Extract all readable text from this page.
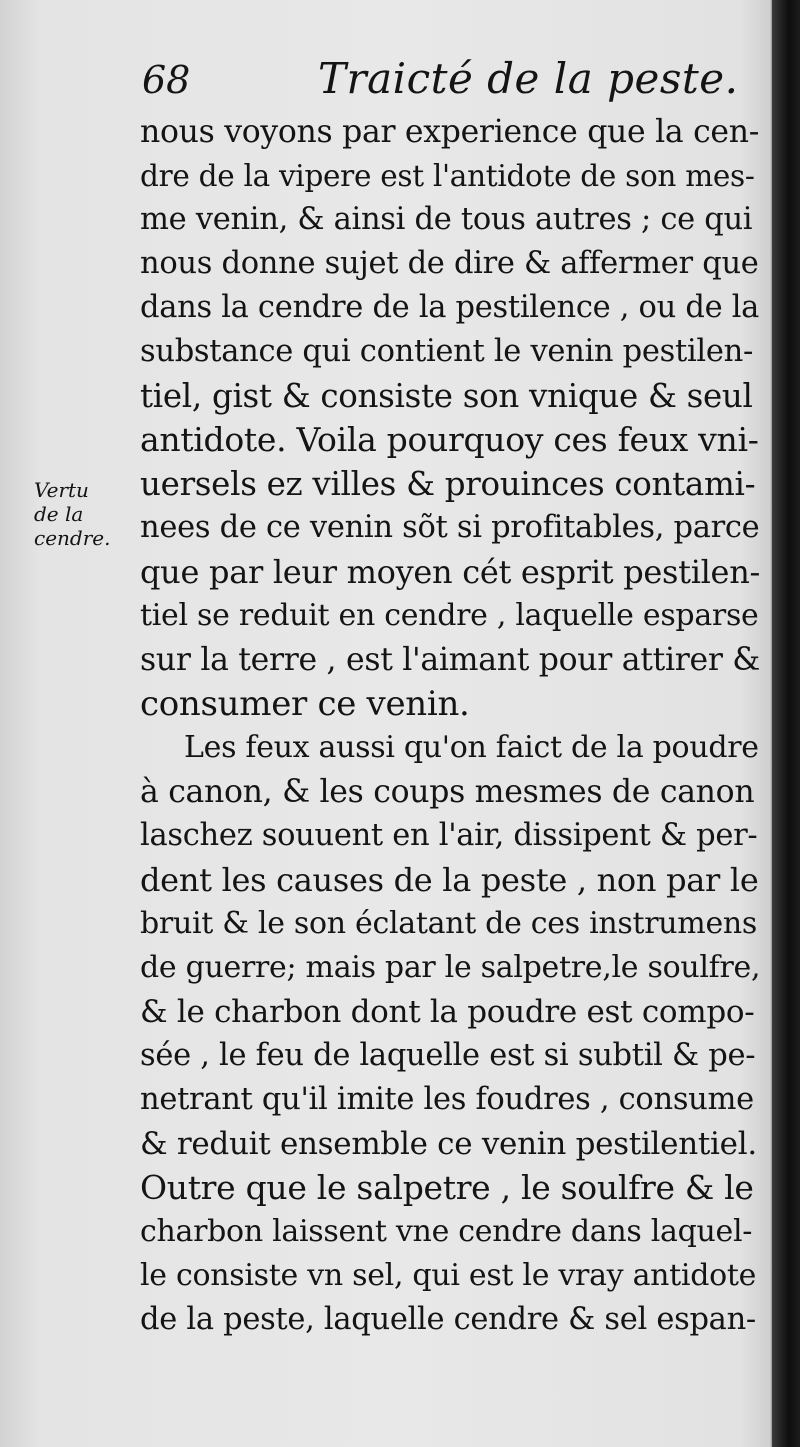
68	Traicté de la peste.
Vertu
de la
cendre.
nous voyons par experience que la cen-
dre de la vipere est l'antidote de son mes-
me venin, & ainsi de tous autres ; ce qui
nous donne sujet de dire & affermer que
dans la cendre de la pestilence , ou de la
substance qui contient le venin pestilen-
tiel, gist & consiste son vnique & seul
antidote. Voila pourquoy ces feux vni-
uersels ez villes & prouinces contami-
nees de ce venin sõt si profitables, parce
que par leur moyen cét esprit pestilen-
tiel se reduit en cendre , laquelle esparse
sur la terre , est l'aimant pour attirer &
consumer ce venin.
Les feux aussi qu'on faict de la poudre
à canon, & les coups mesmes de canon
laschez souuent en l'air, dissipent & per-
dent les causes de la peste , non par le
bruit & le son éclatant de ces instrumens
de guerre; mais par le salpetre,le soulfre,
& le charbon dont la poudre est compo-
sée , le feu de laquelle est si subtil & pe-
netrant qu'il imite les foudres , consume
& reduit ensemble ce venin pestilentiel.
Outre que le salpetre , le soulfre & le
charbon laissent vne cendre dans laquel-
le consiste vn sel, qui est le vray antidote
de la peste, laquelle cendre & sel espan-
